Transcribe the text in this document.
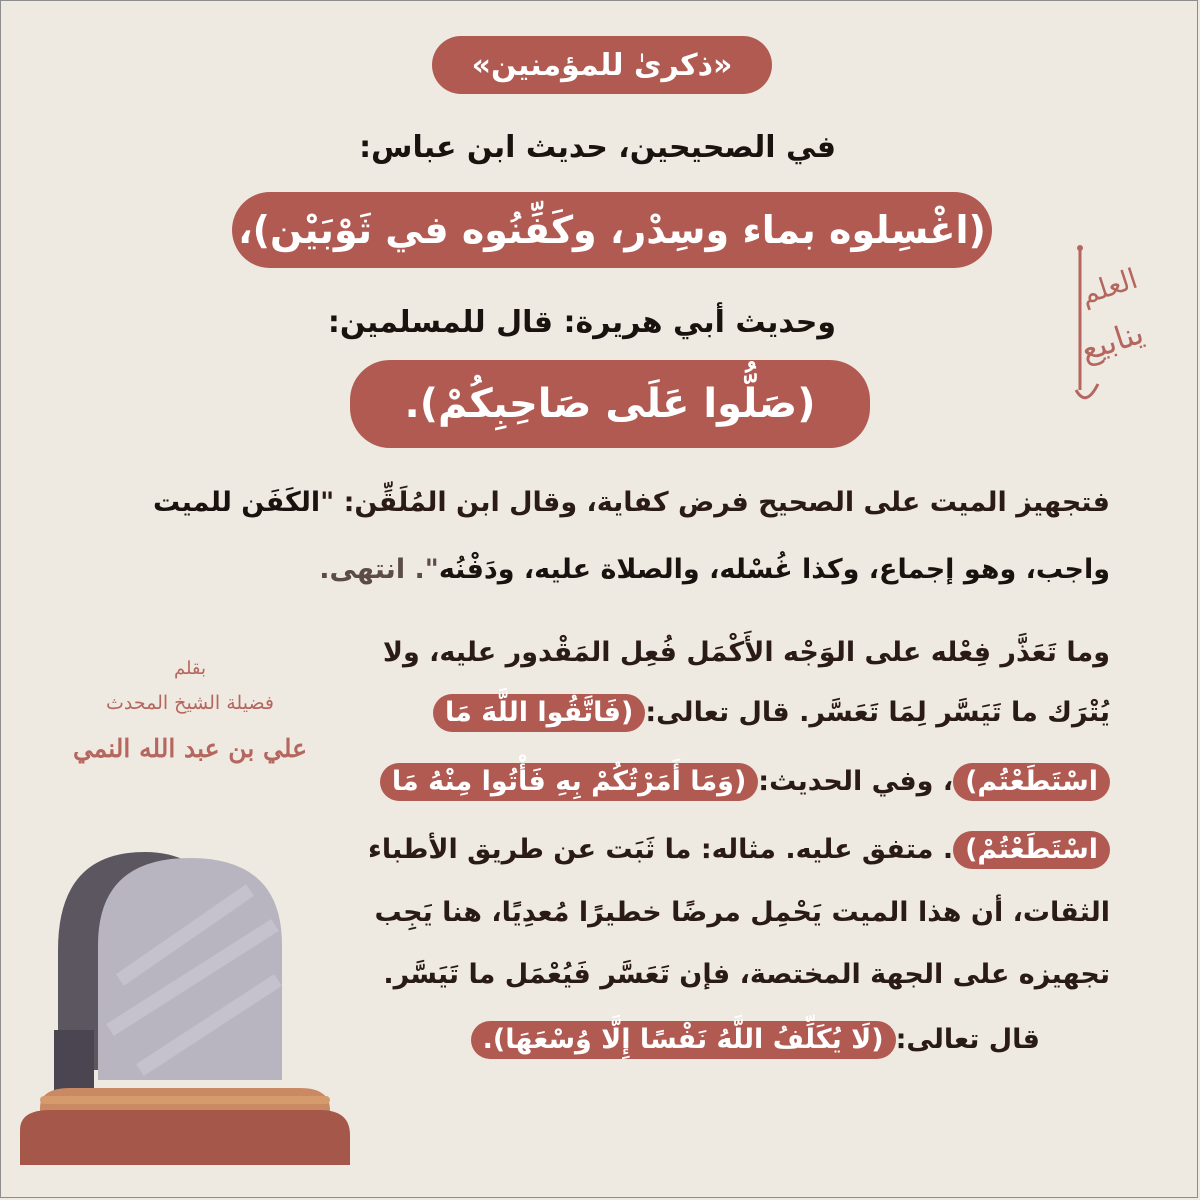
«ذكرىٰ للمؤمنين»
في الصحيحين، حديث ابن عباس:
(اغْسِلوه بماء وسِدْر، وكَفِّنُوه في ثَوْبَيْن)،
وحديث أبي هريرة: قال للمسلمين:
(صَلُّوا عَلَى صَاحِبِكُمْ).
فتجهيز الميت على الصحيح فرض كفاية، وقال ابن المُلَقِّن: "الكَفَن للميت
واجب، وهو إجماع، وكذا غُسْله، والصلاة عليه، ودَفْنُه". انتهى.
وما تَعَذَّر فِعْله على الوَجْه الأَكْمَل فُعِل المَقْدور عليه، ولا
يُتْرَك ما تَيَسَّر لِمَا تَعَسَّر. قال تعالى:(فَاتَّقُوا اللَّهَ مَا
اسْتَطَعْتُم)، وفي الحديث:(وَمَا أَمَرْتُكُمْ بِهِ فَأْتُوا مِنْهُ مَا
اسْتَطَعْتُمْ). متفق عليه. مثاله: ما ثَبَت عن طريق الأطباء
الثقات، أن هذا الميت يَحْمِل مرضًا خطيرًا مُعدِيًا، هنا يَجِب
تجهيزه على الجهة المختصة، فإن تَعَسَّر فَيُعْمَل ما تَيَسَّر.
قال تعالى:(لَا يُكَلِّفُ اللَّهُ نَفْسًا إِلَّا وُسْعَهَا).
العلم
ينابيع
بقلم
فضيلة الشيخ المحدث
علي بن عبد الله النمي
